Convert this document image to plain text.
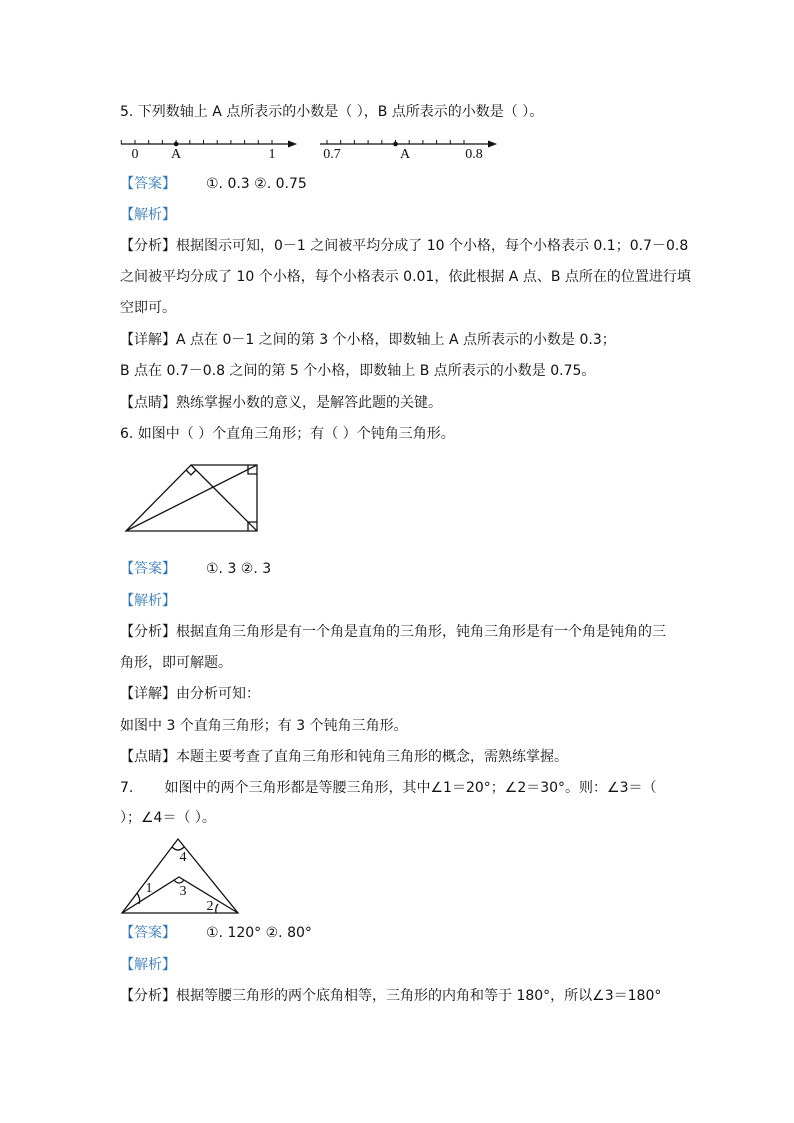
5. 下列数轴上 A 点所表示的小数是（ ），B 点所表示的小数是（ ）。
0	1
A	0.7	0.8
A
【答案】 ①. 0.3 ②. 0.75
【解析】
【分析】根据图示可知，0－1 之间被平均分成了 10 个小格，每个小格表示 0.1；0.7－0.8
之间被平均分成了 10 个小格，每个小格表示 0.01，依此根据 A 点、B 点所在的位置进行填
空即可。
【详解】A 点在 0－1 之间的第 3 个小格，即数轴上 A 点所表示的小数是 0.3；
B 点在 0.7－0.8 之间的第 5 个小格，即数轴上 B 点所表示的小数是 0.75。
【点睛】熟练掌握小数的意义，是解答此题的关键。
6. 如图中（ ）个直角三角形；有（ ）个钝角三角形。
【答案】 ①. 3 ②. 3
【解析】
【分析】根据直角三角形是有一个角是直角的三角形，钝角三角形是有一个角是钝角的三
角形，即可解题。
【详解】由分析可知：
如图中 3 个直角三角形；有 3 个钝角三角形。
【点睛】本题主要考查了直角三角形和钝角三角形的概念，需熟练掌握。
7.       如图中的两个三角形都是等腰三角形，其中∠1＝20°；∠2＝30°。则：∠3＝（
）；∠4＝（ ）。
4
3
1
2
【答案】 ①. 120° ②. 80°
【解析】
【分析】根据等腰三角形的两个底角相等，三角形的内角和等于 180°，所以∠3＝180°
